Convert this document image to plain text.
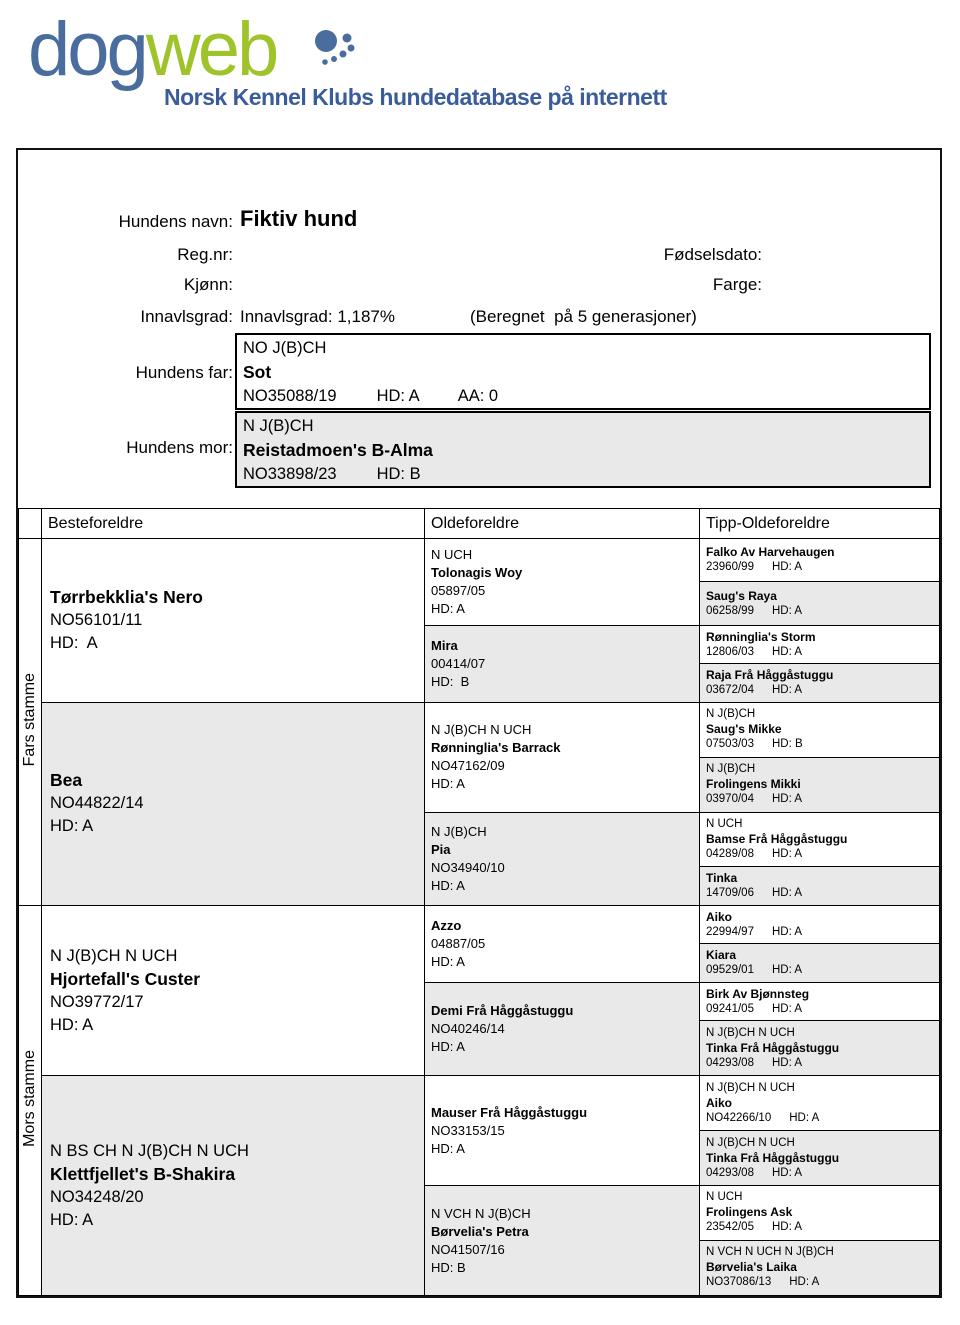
dogweb
Norsk Kennel Klubs hundedatabase på internett
Hundens navn: Fiktiv hund
Reg.nr:	Fødselsdato:
Kjønn:	Farge:
Innavlsgrad: Innavlsgrad: 1,187%	(Beregnet  på 5 generasjoner)
Hundens far:
NO J(B)CH
Sot
NO35088/19 HD: A AA: 0
Hundens mor:
N J(B)CH
Reistadmoen's B-Alma
NO33898/23 HD: B
	Besteforeldre	Oldeforeldre	Tipp-Oldeforeldre
Fars stamme	
Tørrbekklia's Nero
NO56101/11
HD:  A

N UCH
Tolonagis Woy
05897/05
HD: A

Falko Av Harvehaugen
23960/99 HD: A

			Saug's Raya
06258/99 HD: A

Mira
00414/07
HD:  B

Rønninglia's Storm
12806/03 HD: A

			Raja Frå Håggåstuggu
03672/04 HD: A

Bea
NO44822/14
HD: A

N J(B)CH N UCH
Rønninglia's Barrack
NO47162/09
HD: A

N J(B)CH
Saug's Mikke
07503/03 HD: B

			N J(B)CH
Frolingens Mikki
03970/04 HD: A

N J(B)CH
Pia
NO34940/10
HD: A

N UCH
Bamse Frå Håggåstuggu
04289/08 HD: A

			Tinka
14709/06 HD: A

Mors stamme	
N J(B)CH N UCH
Hjortefall's Custer
NO39772/17
HD: A

Azzo
04887/05
HD: A

Aiko
22994/97 HD: A

			Kiara
09529/01 HD: A

Demi Frå Håggåstuggu
NO40246/14
HD: A

Birk Av Bjønnsteg
09241/05 HD: A

			N J(B)CH N UCH
Tinka Frå Håggåstuggu
04293/08 HD: A

N BS CH N J(B)CH N UCH
Klettfjellet's B-Shakira
NO34248/20
HD: A

Mauser Frå Håggåstuggu
NO33153/15
HD: A

N J(B)CH N UCH
Aiko
NO42266/10 HD: A

			N J(B)CH N UCH
Tinka Frå Håggåstuggu
04293/08 HD: A

N VCH N J(B)CH
Børvelia's Petra
NO41507/16
HD: B

N UCH
Frolingens Ask
23542/05 HD: A

			N VCH N UCH N J(B)CH
Børvelia's Laika
NO37086/13 HD: A
